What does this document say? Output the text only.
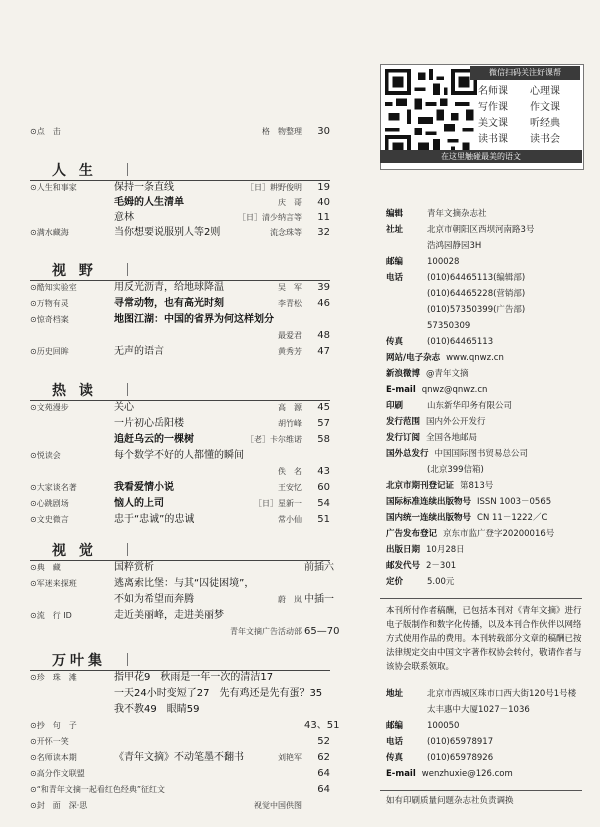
⊙点　击	格　物整理	30
人 生
⊙人生和事家	保持一条直线	［日］耕野俊明	19
毛姆的人生清单	庆　哥	40
意林	［日］清少纳言等	11
⊙满水藏海	当你想要说服别人等2则	流念珠等	32
视 野
⊙酷知实验室	用反光沥青，给地球降温	吴　军	39
⊙万物有灵	寻常动物，也有高光时刻	李青松	46
⊙惊奇档案	地图江湖：中国的省界为何这样划分
最爱君	48
⊙历史回眸	无声的语言	黄秀芳	47
热 读
⊙文苑漫步	关心	高　源	45
一片初心岳阳楼	胡竹峰	57
追赶乌云的一棵树	［老］卡尔维诺	58
⊙悦读会	每个数学不好的人都懂的瞬间
佚　名	43
⊙大家谈名著	我看爱情小说	王安忆	60
⊙心跳剧场	恼人的上司	［日］星新一	54
⊙文史微言	忠于“忠诚”的忠诚	常小仙	51
视 觉
⊙典　藏	国粹赏析	前插六
⊙军迷来探班	逃离索比堡：与其“囚徒困境”，
不如为希望而奔腾	蔚　岚 中插一
⊙流　行 ID	走近美丽峰，走进美丽梦
青年文摘广告活动部 65—70
万叶集
⊙珍　珠　滩	指甲花9　秋雨是一年一次的清洁17
一天24小时变短了27　先有鸡还是先有蛋？35
我不教49　眼睛59
⊙抄　句　子	43、51
⊙开怀一笑	52
⊙名师读本期	《青年文摘》不动笔墨不翻书	刘艳军	62
⊙高分作文联盟	64
⊙“和青年文摘一起看红色经典”征红文	64
⊙封　面　深·思	视觉中国供图
微信扫码关注好课帮
名师课 心理课
写作课 作文课
美文课 听经典
读书课 读书会
在这里触碰最美的语文
编辑	青年文摘杂志社
社址	北京市朝阳区西坝河南路3号
浩鸿园静园3H
邮编	100028
电话	(010)64465113(编辑部)
(010)64465228(营销部)
(010)57350399(广告部)
57350309
传真	(010)64465113
网站/电子杂志 www.qnwz.cn
新浪微博 @青年文摘
E-mail qnwz@qnwz.cn
印刷	山东新华印务有限公司
发行范围 国内外公开发行
发行订阅 全国各地邮局
国外总发行 中国国际图书贸易总公司
(北京399信箱)
北京市期刊登记证 第813号
国际标准连续出版物号 ISSN 1003－0565
国内统一连续出版物号 CN 11－1222／C
广告发布登记 京东市监广登字20200016号
出版日期 10月28日
邮发代号 2－301
定价	5.00元
本刊所付作者稿酬，已包括本刊对《青年文摘》进行电子版制作和数字化传播，以及本刊合作伙伴以网络方式使用作品的费用。本刊转载部分文章的稿酬已按法律规定交由中国文字著作权协会转付，敬请作者与该协会联系领取。
地址	北京市西城区珠市口西大街120号1号楼
太丰惠中大厦1027－1036
邮编	100050
电话	(010)65978917
传真	(010)65978926
E-mail wenzhuxie@126.com
如有印刷质量问题杂志社负责调换
